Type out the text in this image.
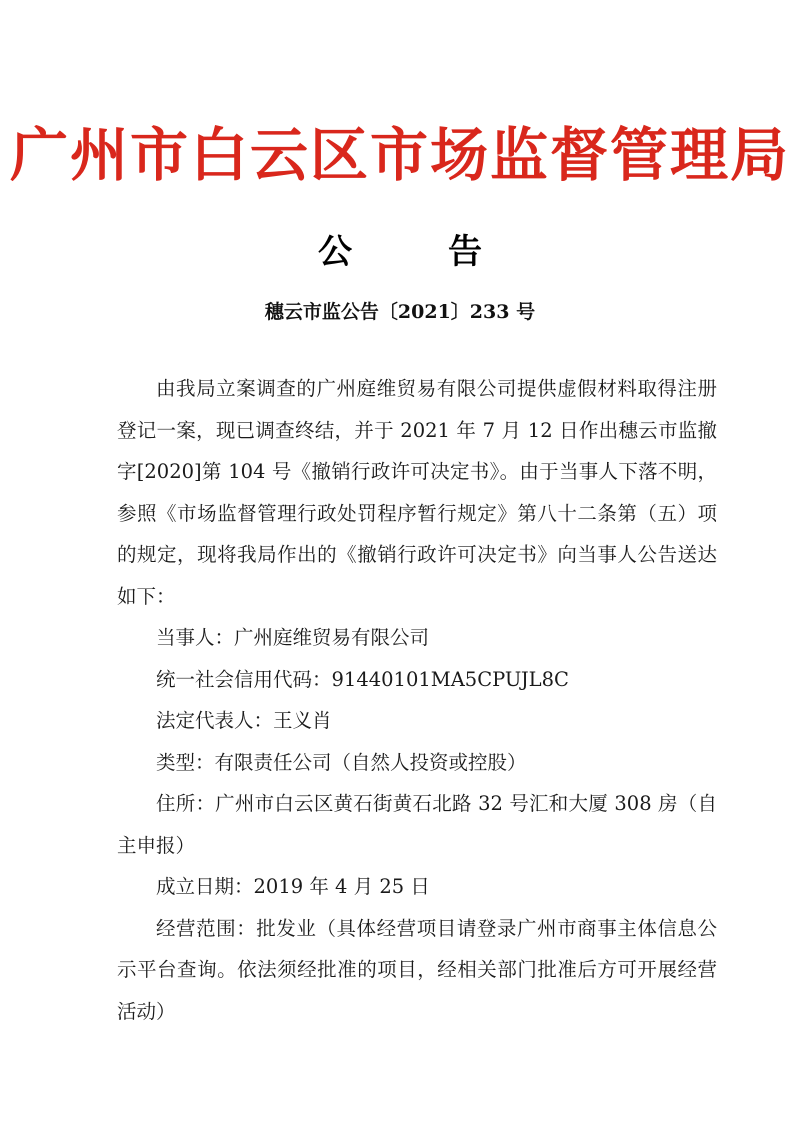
广州市白云区市场监督管理局
公	告
穗云市监公告〔2021〕233 号

由我局立案调查的广州庭维贸易有限公司提供虚假材料取得注册登记一案，现已调查终结，并于 2021 年 7 月 12 日作出穗云市监撤字[2020]第 104 号《撤销行政许可决定书》。由于当事人下落不明，参照《市场监督管理行政处罚程序暂行规定》第八十二条第（五）项的规定，现将我局作出的《撤销行政许可决定书》向当事人公告送达如下：

当事人：广州庭维贸易有限公司

统一社会信用代码：91440101MA5CPUJL8C

法定代表人：王义肖

类型：有限责任公司（自然人投资或控股）

住所：广州市白云区黄石街黄石北路 32 号汇和大厦 308 房（自主申报）

成立日期：2019 年 4 月 25 日

经营范围：批发业（具体经营项目请登录广州市商事主体信息公示平台查询。依法须经批准的项目，经相关部门批准后方可开展经营活动）
